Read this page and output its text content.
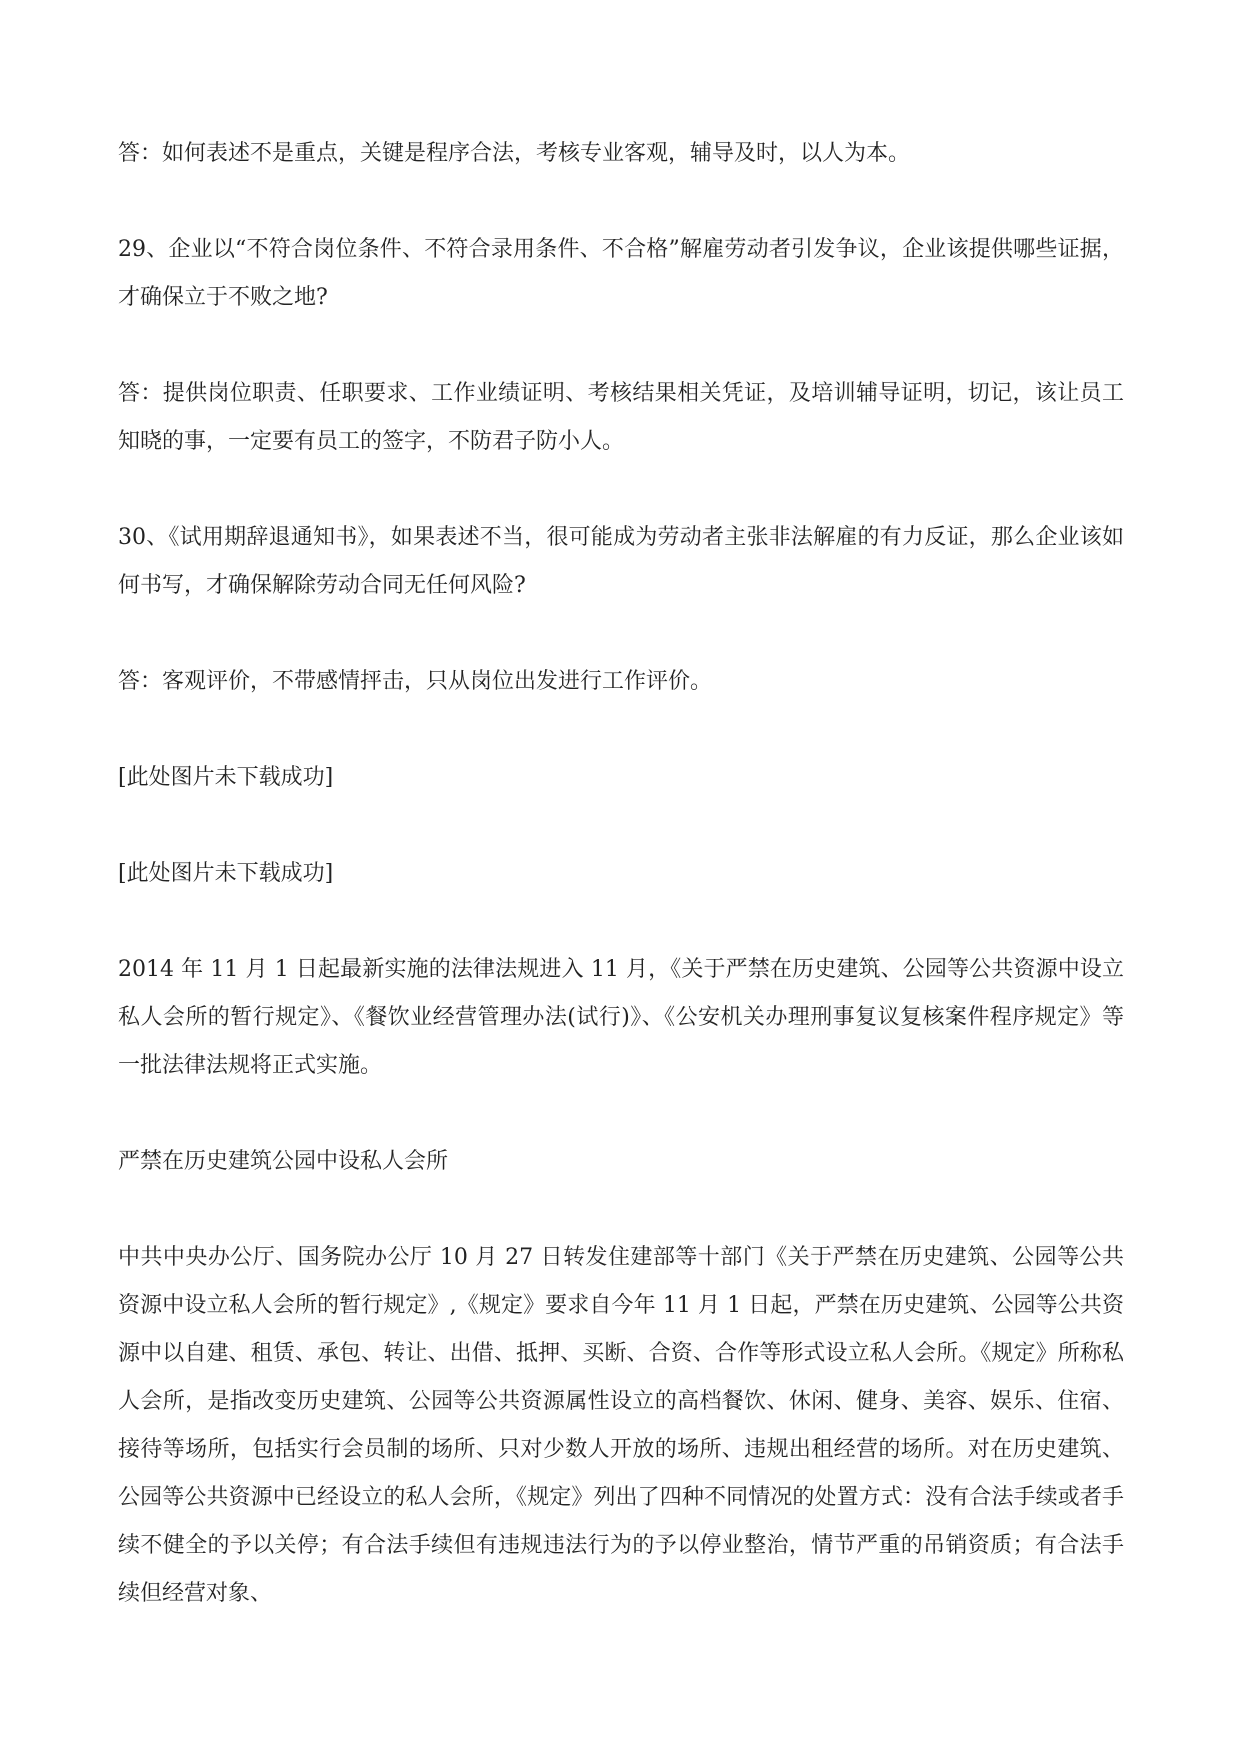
答：如何表述不是重点，关键是程序合法，考核专业客观，辅导及时，以人为本。

29、企业以“不符合岗位条件、不符合录用条件、不合格”解雇劳动者引发争议，企业该提供哪些证据，才确保立于不败之地?

答：提供岗位职责、任职要求、工作业绩证明、考核结果相关凭证，及培训辅导证明，切记，该让员工知晓的事，一定要有员工的签字，不防君子防小人。

30、《试用期辞退通知书》，如果表述不当，很可能成为劳动者主张非法解雇的有力反证，那么企业该如何书写，才确保解除劳动合同无任何风险?

答：客观评价，不带感情抨击，只从岗位出发进行工作评价。

[此处图片未下载成功]

[此处图片未下载成功]

2014 年 11 月 1 日起最新实施的法律法规进入 11 月，《关于严禁在历史建筑、公园等公共资源中设立私人会所的暂行规定》、《餐饮业经营管理办法(试行)》、《公安机关办理刑事复议复核案件程序规定》等一批法律法规将正式实施。

严禁在历史建筑公园中设私人会所

中共中央办公厅、国务院办公厅 10 月 27 日转发住建部等十部门《关于严禁在历史建筑、公园等公共资源中设立私人会所的暂行规定》,《规定》要求自今年 11 月 1 日起，严禁在历史建筑、公园等公共资源中以自建、租赁、承包、转让、出借、抵押、买断、合资、合作等形式设立私人会所。《规定》所称私人会所，是指改变历史建筑、公园等公共资源属性设立的高档餐饮、休闲、健身、美容、娱乐、住宿、接待等场所，包括实行会员制的场所、只对少数人开放的场所、违规出租经营的场所。对在历史建筑、公园等公共资源中已经设立的私人会所，《规定》列出了四种不同情况的处置方式：没有合法手续或者手续不健全的予以关停；有合法手续但有违规违法行为的予以停业整治，情节严重的吊销资质；有合法手续但经营对象、
